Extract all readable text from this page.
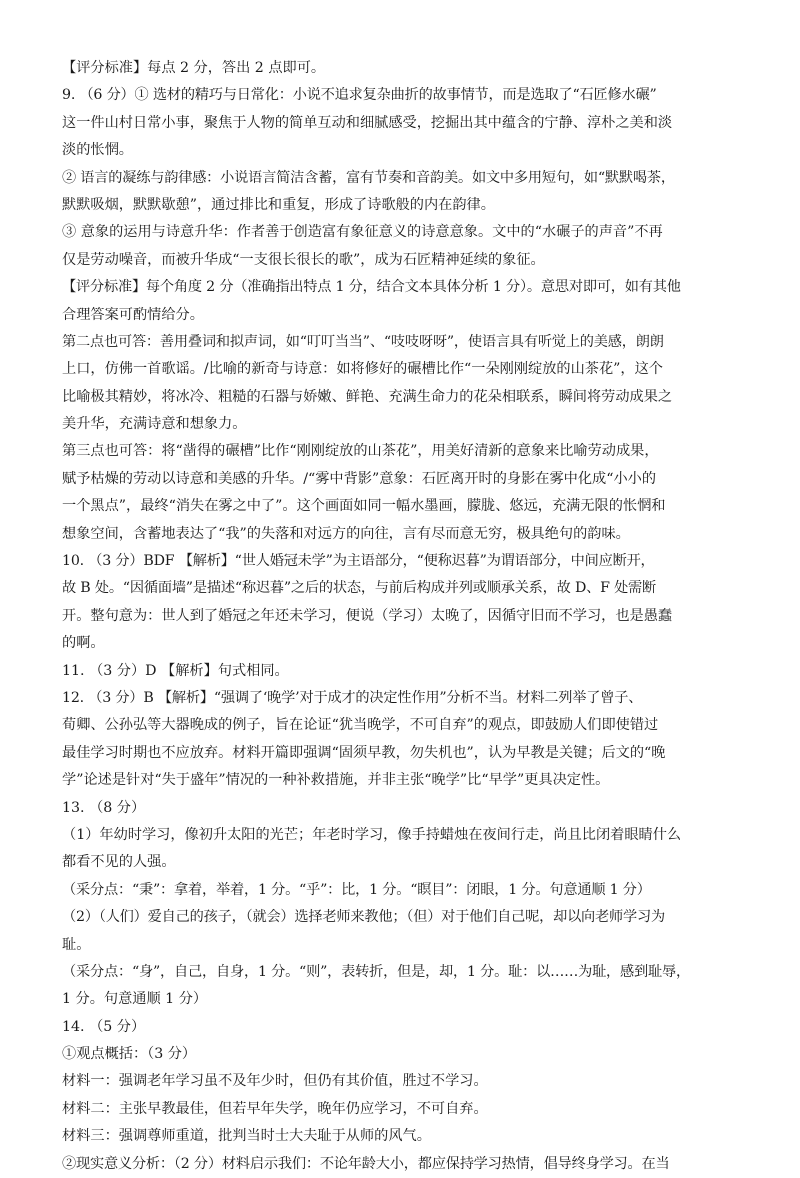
【评分标准】每点 2 分，答出 2 点即可。
9. （6 分）① 选材的精巧与日常化：小说不追求复杂曲折的故事情节，而是选取了“石匠修水碾”
这一件山村日常小事，聚焦于人物的简单互动和细腻感受，挖掘出其中蕴含的宁静、淳朴之美和淡
淡的怅惘。
② 语言的凝练与韵律感：小说语言简洁含蓄，富有节奏和音韵美。如文中多用短句，如“默默喝茶，
默默吸烟，默默歇憩”，通过排比和重复，形成了诗歌般的内在韵律。
③ 意象的运用与诗意升华：作者善于创造富有象征意义的诗意意象。文中的“水碾子的声音”不再
仅是劳动噪音，而被升华成“一支很长很长的歌”，成为石匠精神延续的象征。
【评分标准】每个角度 2 分（准确指出特点 1 分，结合文本具体分析 1 分）。意思对即可，如有其他
合理答案可酌情给分。
第二点也可答：善用叠词和拟声词，如“叮叮当当”、“吱吱呀呀”，使语言具有听觉上的美感，朗朗
上口，仿佛一首歌谣。/比喻的新奇与诗意：如将修好的碾槽比作“一朵刚刚绽放的山茶花”，这个
比喻极其精妙，将冰冷、粗糙的石器与娇嫩、鲜艳、充满生命力的花朵相联系，瞬间将劳动成果之
美升华，充满诗意和想象力。
第三点也可答：将“凿得的碾槽”比作“刚刚绽放的山茶花”，用美好清新的意象来比喻劳动成果，
赋予枯燥的劳动以诗意和美感的升华。/“雾中背影”意象：石匠离开时的身影在雾中化成“小小的
一个黑点”，最终“消失在雾之中了”。这个画面如同一幅水墨画，朦胧、悠远，充满无限的怅惘和
想象空间，含蓄地表达了“我”的失落和对远方的向往，言有尽而意无穷，极具绝句的韵味。
10. （3 分）BDF 【解析】“世人婚冠未学”为主语部分，“便称迟暮”为谓语部分，中间应断开，
故 B 处。“因循面墙”是描述“称迟暮”之后的状态，与前后构成并列或顺承关系，故 D、F 处需断
开。整句意为：世人到了婚冠之年还未学习，便说（学习）太晚了，因循守旧而不学习，也是愚蠢
的啊。
11. （3 分）D 【解析】句式相同。
12. （3 分）B 【解析】“强调了‘晚学’对于成才的决定性作用”分析不当。材料二列举了曾子、
荀卿、公孙弘等大器晚成的例子，旨在论证“犹当晚学，不可自弃”的观点，即鼓励人们即使错过
最佳学习时期也不应放弃。材料开篇即强调“固须早教，勿失机也”，认为早教是关键；后文的“晚
学”论述是针对“失于盛年”情况的一种补救措施，并非主张“晚学”比“早学”更具决定性。
13. （8 分）
（1）年幼时学习，像初升太阳的光芒；年老时学习，像手持蜡烛在夜间行走，尚且比闭着眼睛什么
都看不见的人强。
（采分点：“秉”：拿着，举着，1 分。“乎”：比，1 分。“瞑目”：闭眼，1 分。句意通顺 1 分）
（2）（人们）爱自己的孩子，（就会）选择老师来教他；（但）对于他们自己呢，却以向老师学习为
耻。
（采分点：“身”，自己，自身，1 分。“则”，表转折，但是，却，1 分。耻：以……为耻，感到耻辱，
1 分。句意通顺 1 分）
14. （5 分）
①观点概括：（3 分）
材料一：强调老年学习虽不及年少时，但仍有其价值，胜过不学习。
材料二：主张早教最佳，但若早年失学，晚年仍应学习，不可自弃。
材料三：强调尊师重道，批判当时士大夫耻于从师的风气。
②现实意义分析：（2 分）材料启示我们：不论年龄大小，都应保持学习热情，倡导终身学习。在当
